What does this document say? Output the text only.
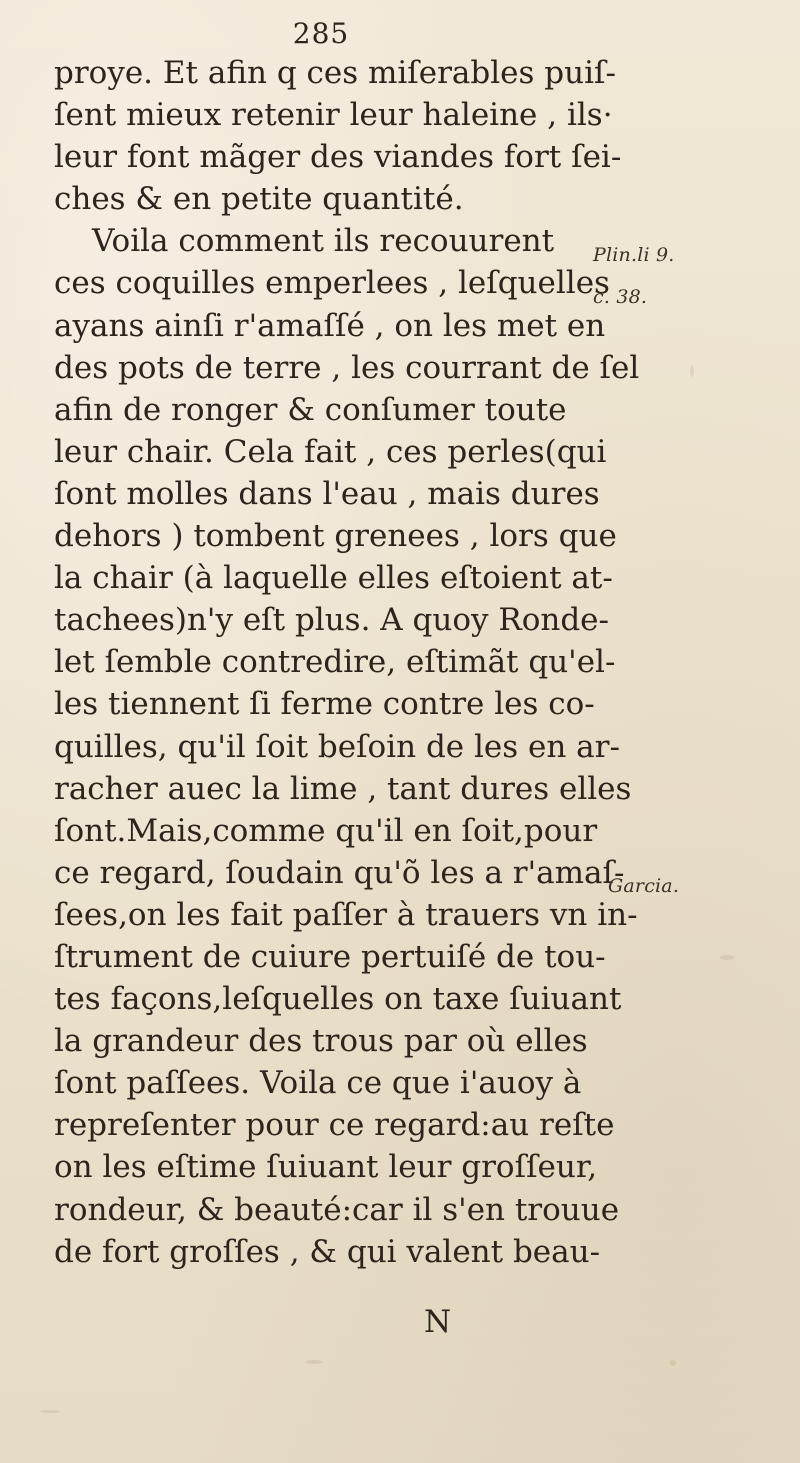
285
proye. Et afin q ces miſerables puiſ-
ſent mieux retenir leur haleine , ils·
leur font mãger des viandes fort ſei-
ches & en petite quantité.
Voila comment ils recouurent
ces coquilles emperlees , leſquelles
ayans ainſi r'amaſſé , on les met en
des pots de terre , les courrant de ſel
afin de ronger & conſumer toute
leur chair. Cela fait , ces perles(qui
ſont molles dans l'eau , mais dures
dehors ) tombent grenees , lors que
la chair (à laquelle elles eſtoient at-
tachees)n'y eſt plus. A quoy Ronde-
let ſemble contredire, eſtimãt qu'el-
les tiennent ſi ferme contre les co-
quilles, qu'il ſoit beſoin de les en ar-
racher auec la lime , tant dures elles
ſont.Mais,comme qu'il en ſoit,pour
ce regard, ſoudain qu'õ les a r'amaſ-
ſees,on les fait paſſer à trauers vn in-
ſtrument de cuiure pertuiſé de tou-
tes façons,leſquelles on taxe ſuiuant
la grandeur des trous par où elles
ſont paſſees. Voila ce que i'auoy à
repreſenter pour ce regard:au reſte
on les eſtime ſuiuant leur groſſeur,
rondeur, & beauté:car il s'en trouue
de fort groſſes , & qui valent beau-
Plin.li 9.
c. 38.
Garcia.
N
